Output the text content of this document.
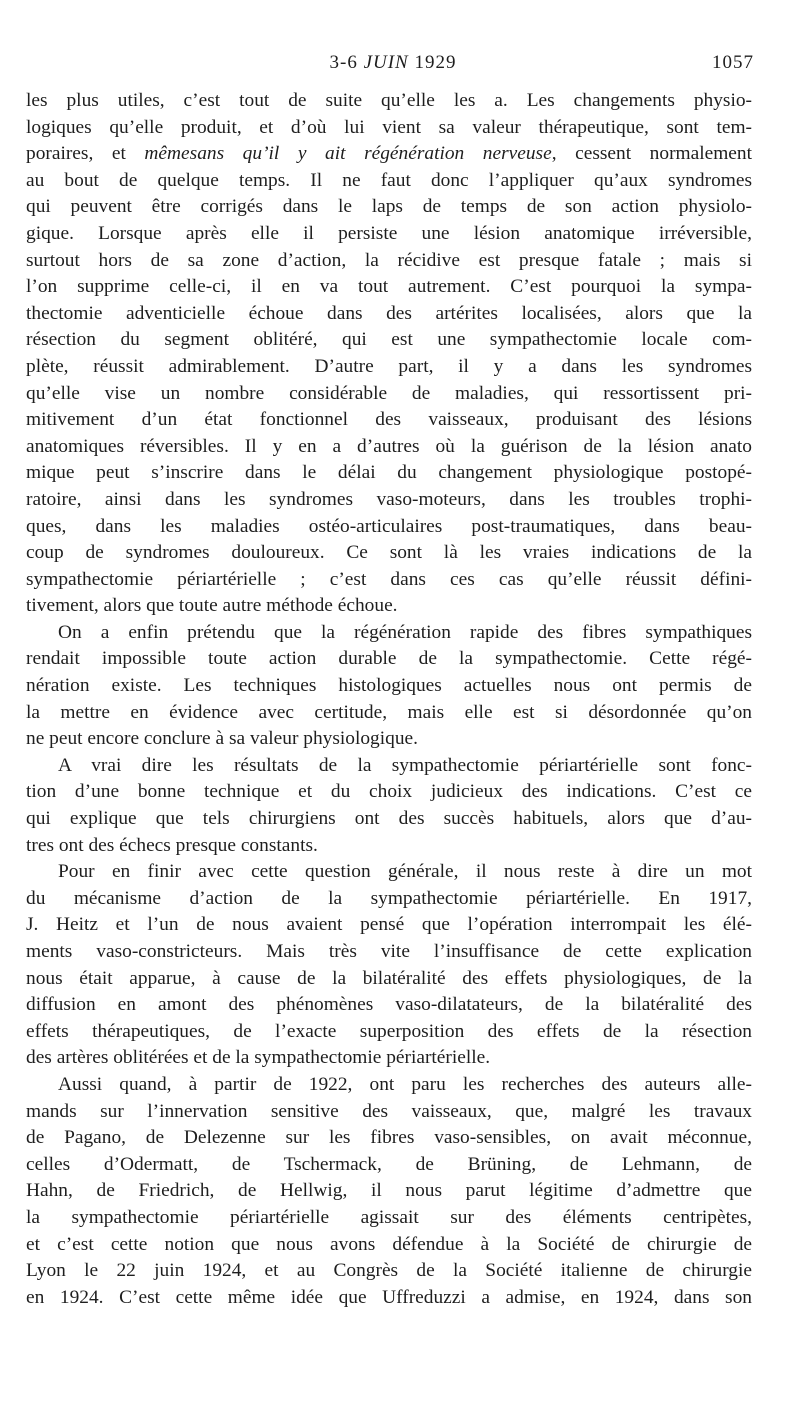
3-6 JUIN 1929	1057
les plus utiles, c’est tout de suite qu’elle les a. Les changements physio-
logiques qu’elle produit, et d’où lui vient sa valeur thérapeutique, sont tem-
poraires, et mêmesans qu’il y ait régénération nerveuse, cessent normalement
au bout de quelque temps. Il ne faut donc l’appliquer qu’aux syndromes
qui peuvent être corrigés dans le laps de temps de son action physiolo-
gique. Lorsque après elle il persiste une lésion anatomique irréversible,
surtout hors de sa zone d’action, la récidive est presque fatale ; mais si
l’on supprime celle-ci, il en va tout autrement. C’est pourquoi la sympa-
thectomie adventicielle échoue dans des artérites localisées, alors que la
résection du segment oblitéré, qui est une sympathectomie locale com-
plète, réussit admirablement. D’autre part, il y a dans les syndromes
qu’elle vise un nombre considérable de maladies, qui ressortissent pri-
mitivement d’un état fonctionnel des vaisseaux, produisant des lésions
anatomiques réversibles. Il y en a d’autres où la guérison de la lésion anato
mique peut s’inscrire dans le délai du changement physiologique postopé-
ratoire, ainsi dans les syndromes vaso-moteurs, dans les troubles trophi-
ques, dans les maladies ostéo-articulaires post-traumatiques, dans beau-
coup de syndromes douloureux. Ce sont là les vraies indications de la
sympathectomie périartérielle ; c’est dans ces cas qu’elle réussit défini-
tivement, alors que toute autre méthode échoue.
On a enfin prétendu que la régénération rapide des fibres sympathiques
rendait impossible toute action durable de la sympathectomie. Cette régé-
nération existe. Les techniques histologiques actuelles nous ont permis de
la mettre en évidence avec certitude, mais elle est si désordonnée qu’on
ne peut encore conclure à sa valeur physiologique.
A vrai dire les résultats de la sympathectomie périartérielle sont fonc-
tion d’une bonne technique et du choix judicieux des indications. C’est ce
qui explique que tels chirurgiens ont des succès habituels, alors que d’au-
tres ont des échecs presque constants.
Pour en finir avec cette question générale, il nous reste à dire un mot
du mécanisme d’action de la sympathectomie périartérielle. En 1917,
J. Heitz et l’un de nous avaient pensé que l’opération interrompait les élé-
ments vaso-constricteurs. Mais très vite l’insuffisance de cette explication
nous était apparue, à cause de la bilatéralité des effets physiologiques, de la
diffusion en amont des phénomènes vaso-dilatateurs, de la bilatéralité des
effets thérapeutiques, de l’exacte superposition des effets de la résection
des artères oblitérées et de la sympathectomie périartérielle.
Aussi quand, à partir de 1922, ont paru les recherches des auteurs alle-
mands sur l’innervation sensitive des vaisseaux, que, malgré les travaux
de Pagano, de Delezenne sur les fibres vaso-sensibles, on avait méconnue,
celles d’Odermatt, de Tschermack, de Brüning, de Lehmann, de
Hahn, de Friedrich, de Hellwig, il nous parut légitime d’admettre que
la sympathectomie périartérielle agissait sur des éléments centripètes,
et c’est cette notion que nous avons défendue à la Société de chirurgie de
Lyon le 22 juin 1924, et au Congrès de la Société italienne de chirurgie
en 1924. C’est cette même idée que Uffreduzzi a admise, en 1924, dans son
